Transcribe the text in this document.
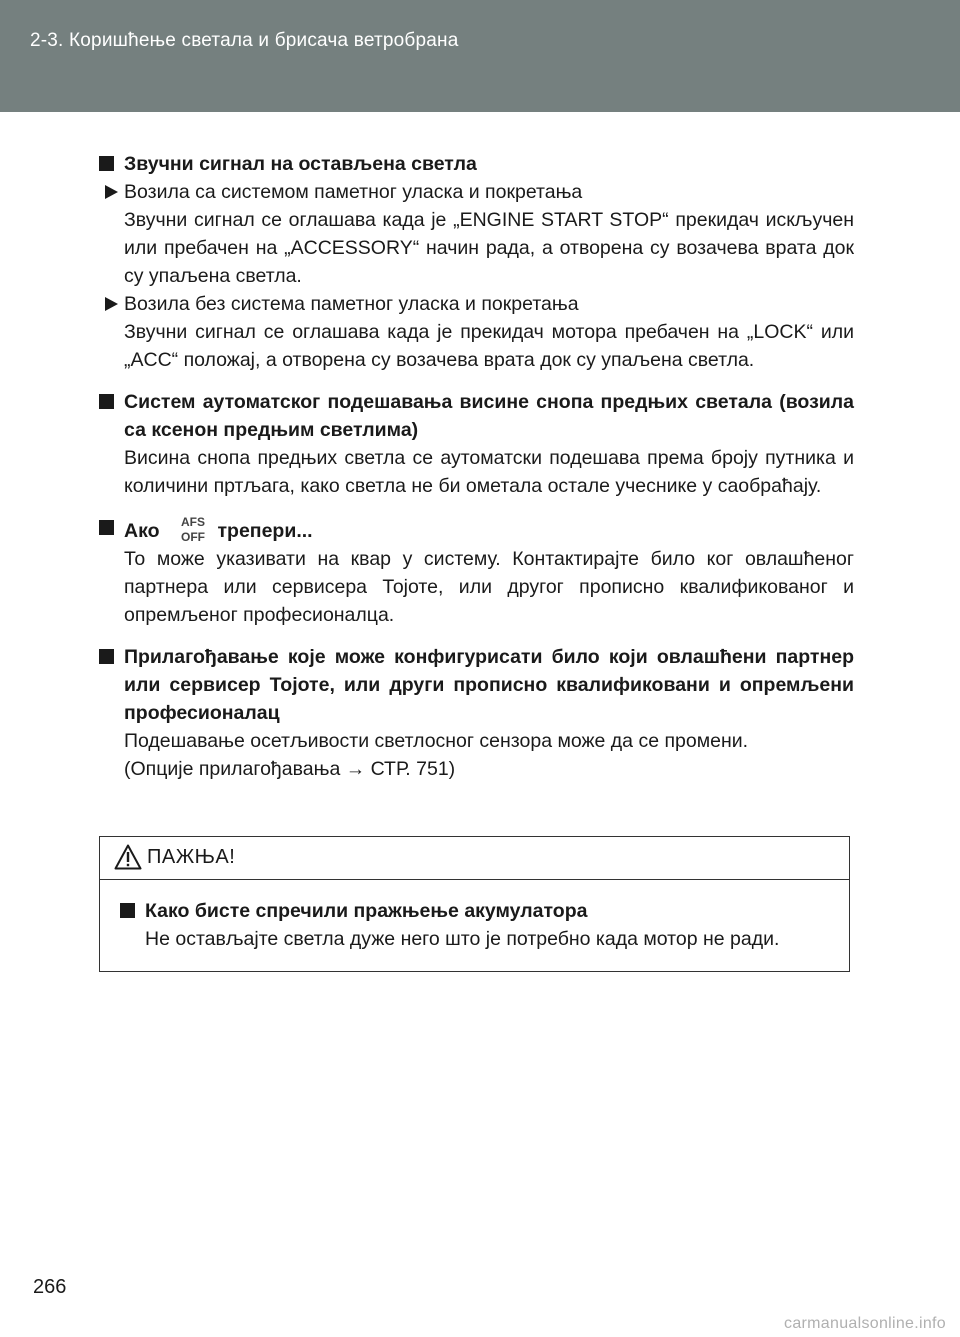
2-3. Коришћење светала и брисача ветробрана
Звучни сигнал на остављена светла
Возила са системом паметног уласка и покретања
Звучни сигнал се оглашава када је „ENGINE START STOP“ прекидач искључен или пребачен на „ACCESSORY“ начин рада, а отворена су возачева врата док су упаљена светла.
Возила без система паметног уласка и покретања
Звучни сигнал се оглашава када је прекидач мотора пребачен на „LOCK“ или „ACC“ положај, а отворена су возачева врата док су упаљена светла.
Систем аутоматског подешавања висине снопа предњих светала (возила са ксенон предњим светлима)
Висина снопа предњих светла се аутоматски подешава према броју путника и количини пртљага, како светла не би ометала остале учеснике у саобраћају.
Ако AFS
OFF трепери...
То може указивати на квар у систему. Контактирајте било ког овлашћеног партнера или сервисера Тојоте, или другог прописно квалификованог и опремљеног професионалца.
Прилагођавање које може конфигурисати било који овлашћени партнер или сервисер Тојоте, или други прописно квалификовани и опремљени професионалац
Подешавање осетљивости светлосног сензора може да се промени.
(Опције прилагођавања → СТР. 751)
ПАЖЊА!
Како бисте спречили пражњење акумулатора
Не остављајте светла дуже него што је потребно када мотор не ради.
266
carmanualsonline.info
